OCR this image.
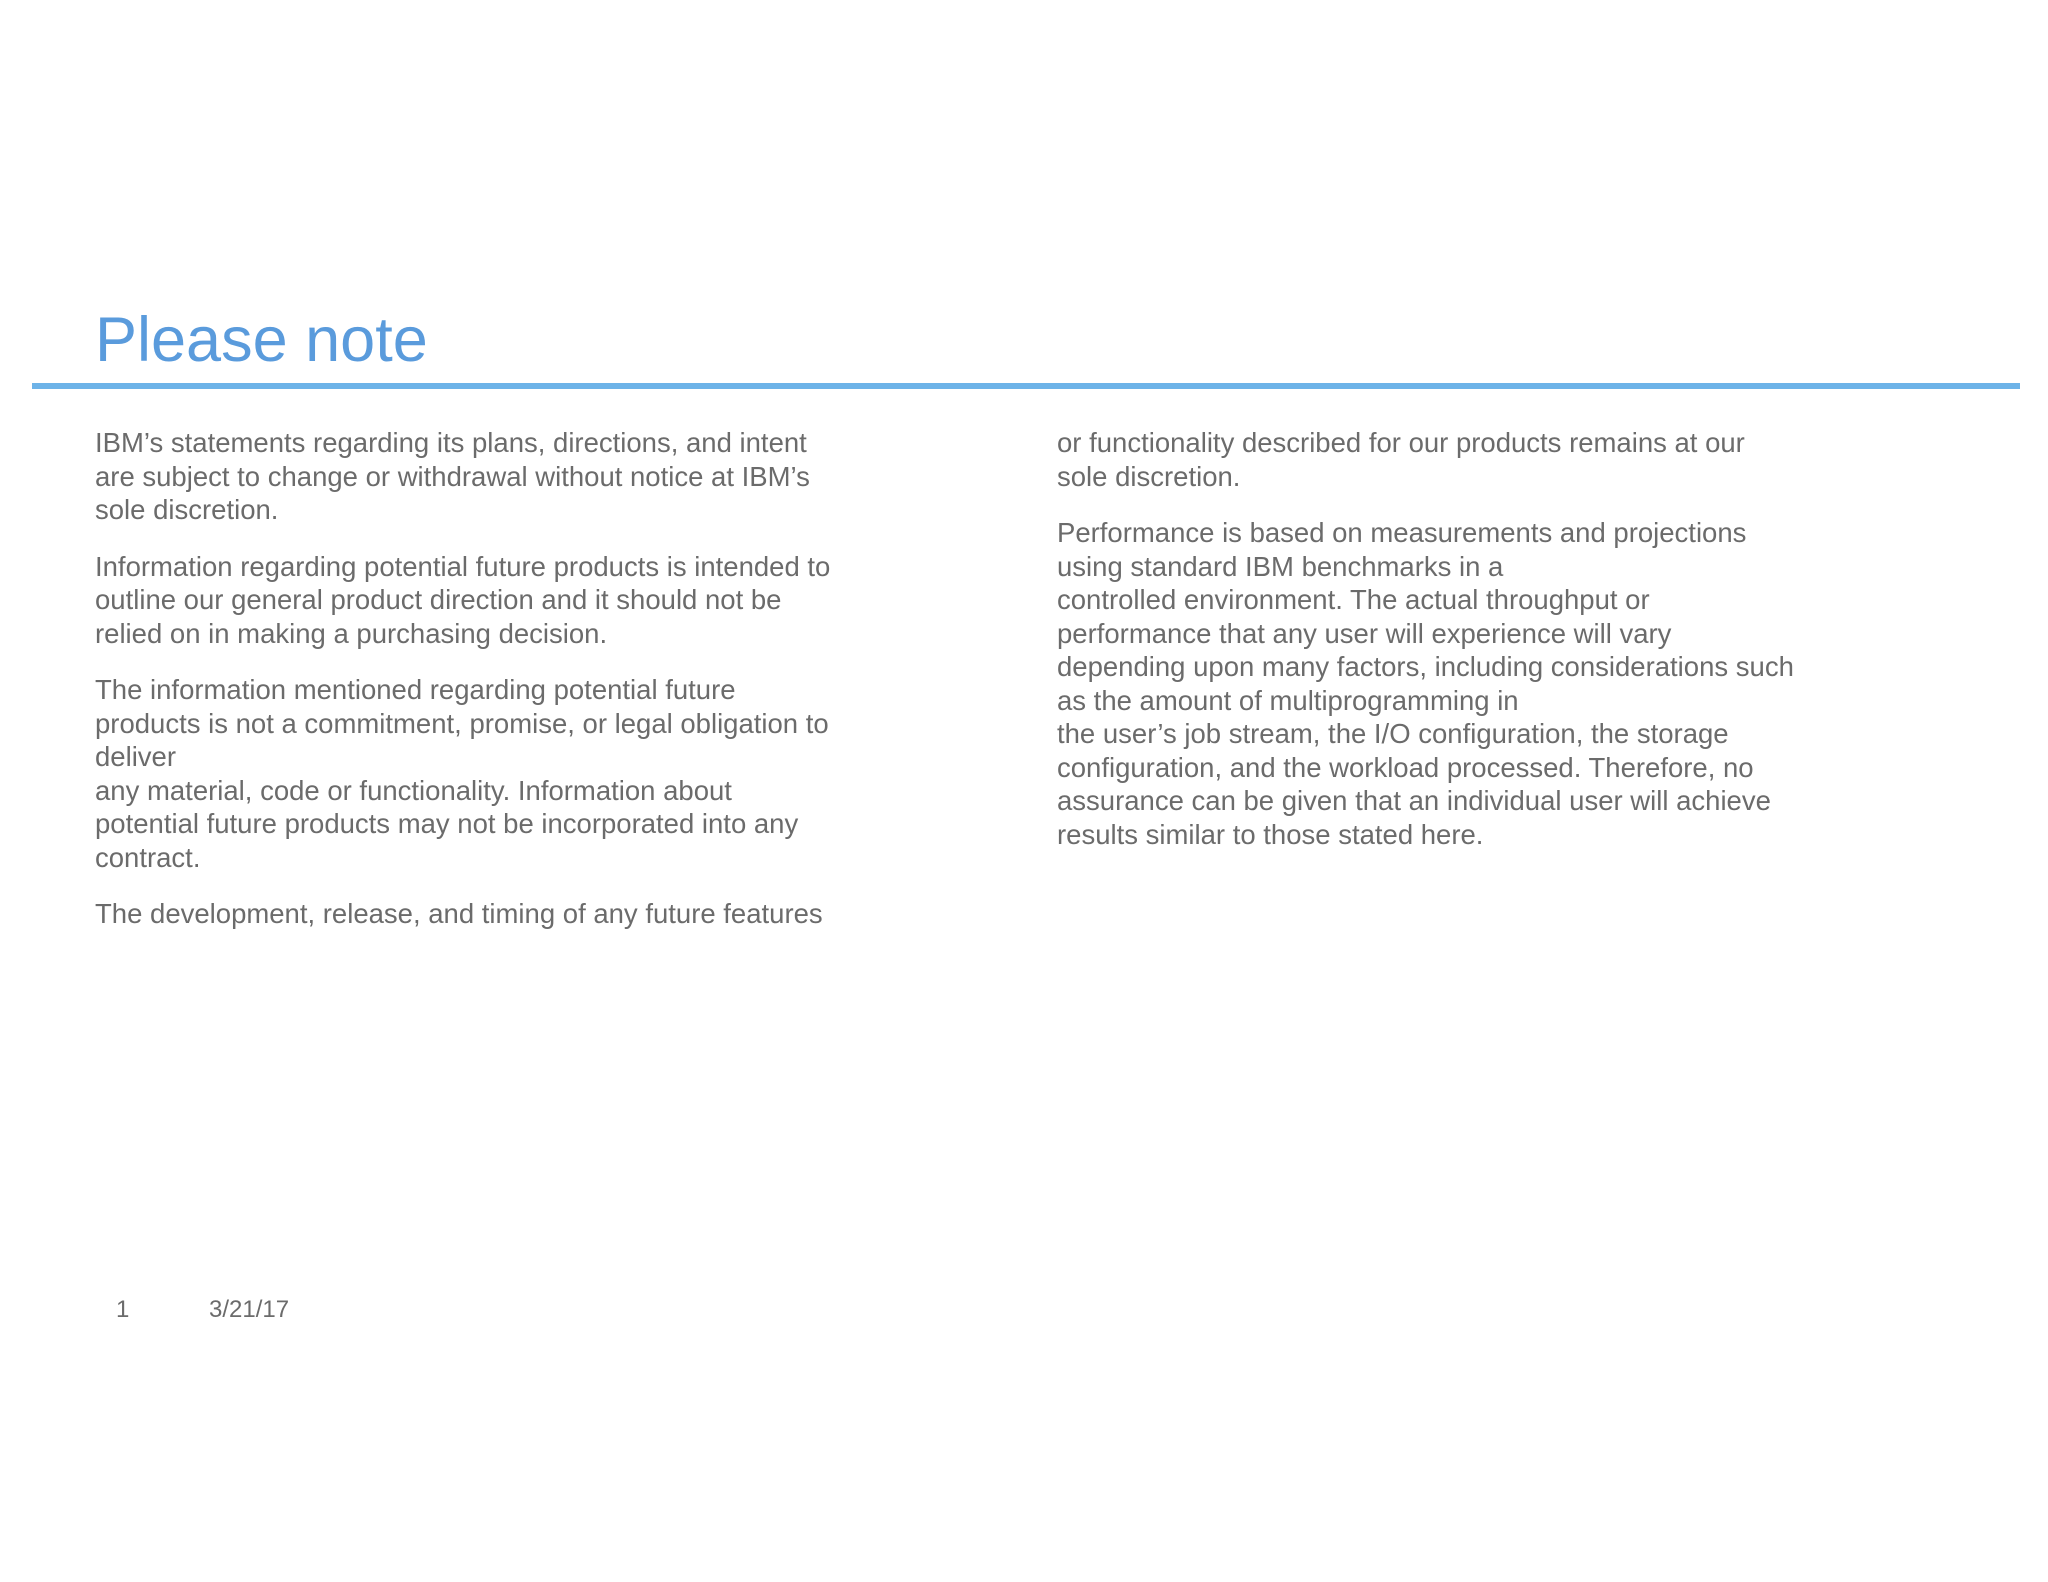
Please note

IBM’s statements regarding its plans, directions, and intent
are subject to change or withdrawal without notice at IBM’s
sole discretion.

Information regarding potential future products is intended to
outline our general product direction and it should not be
relied on in making a purchasing decision.

The information mentioned regarding potential future
products is not a commitment, promise, or legal obligation to
deliver
any material, code or functionality. Information about
potential future products may not be incorporated into any
contract.

The development, release, and timing of any future features

or functionality described for our products remains at our
sole discretion.

Performance is based on measurements and projections
using standard IBM benchmarks in a
controlled environment. The actual throughput or
performance that any user will experience will vary
depending upon many factors, including considerations such
as the amount of multiprogramming in
the user’s job stream, the I/O configuration, the storage
configuration, and the workload processed. Therefore, no
assurance can be given that an individual user will achieve
results similar to those stated here.

1	3/21/17
